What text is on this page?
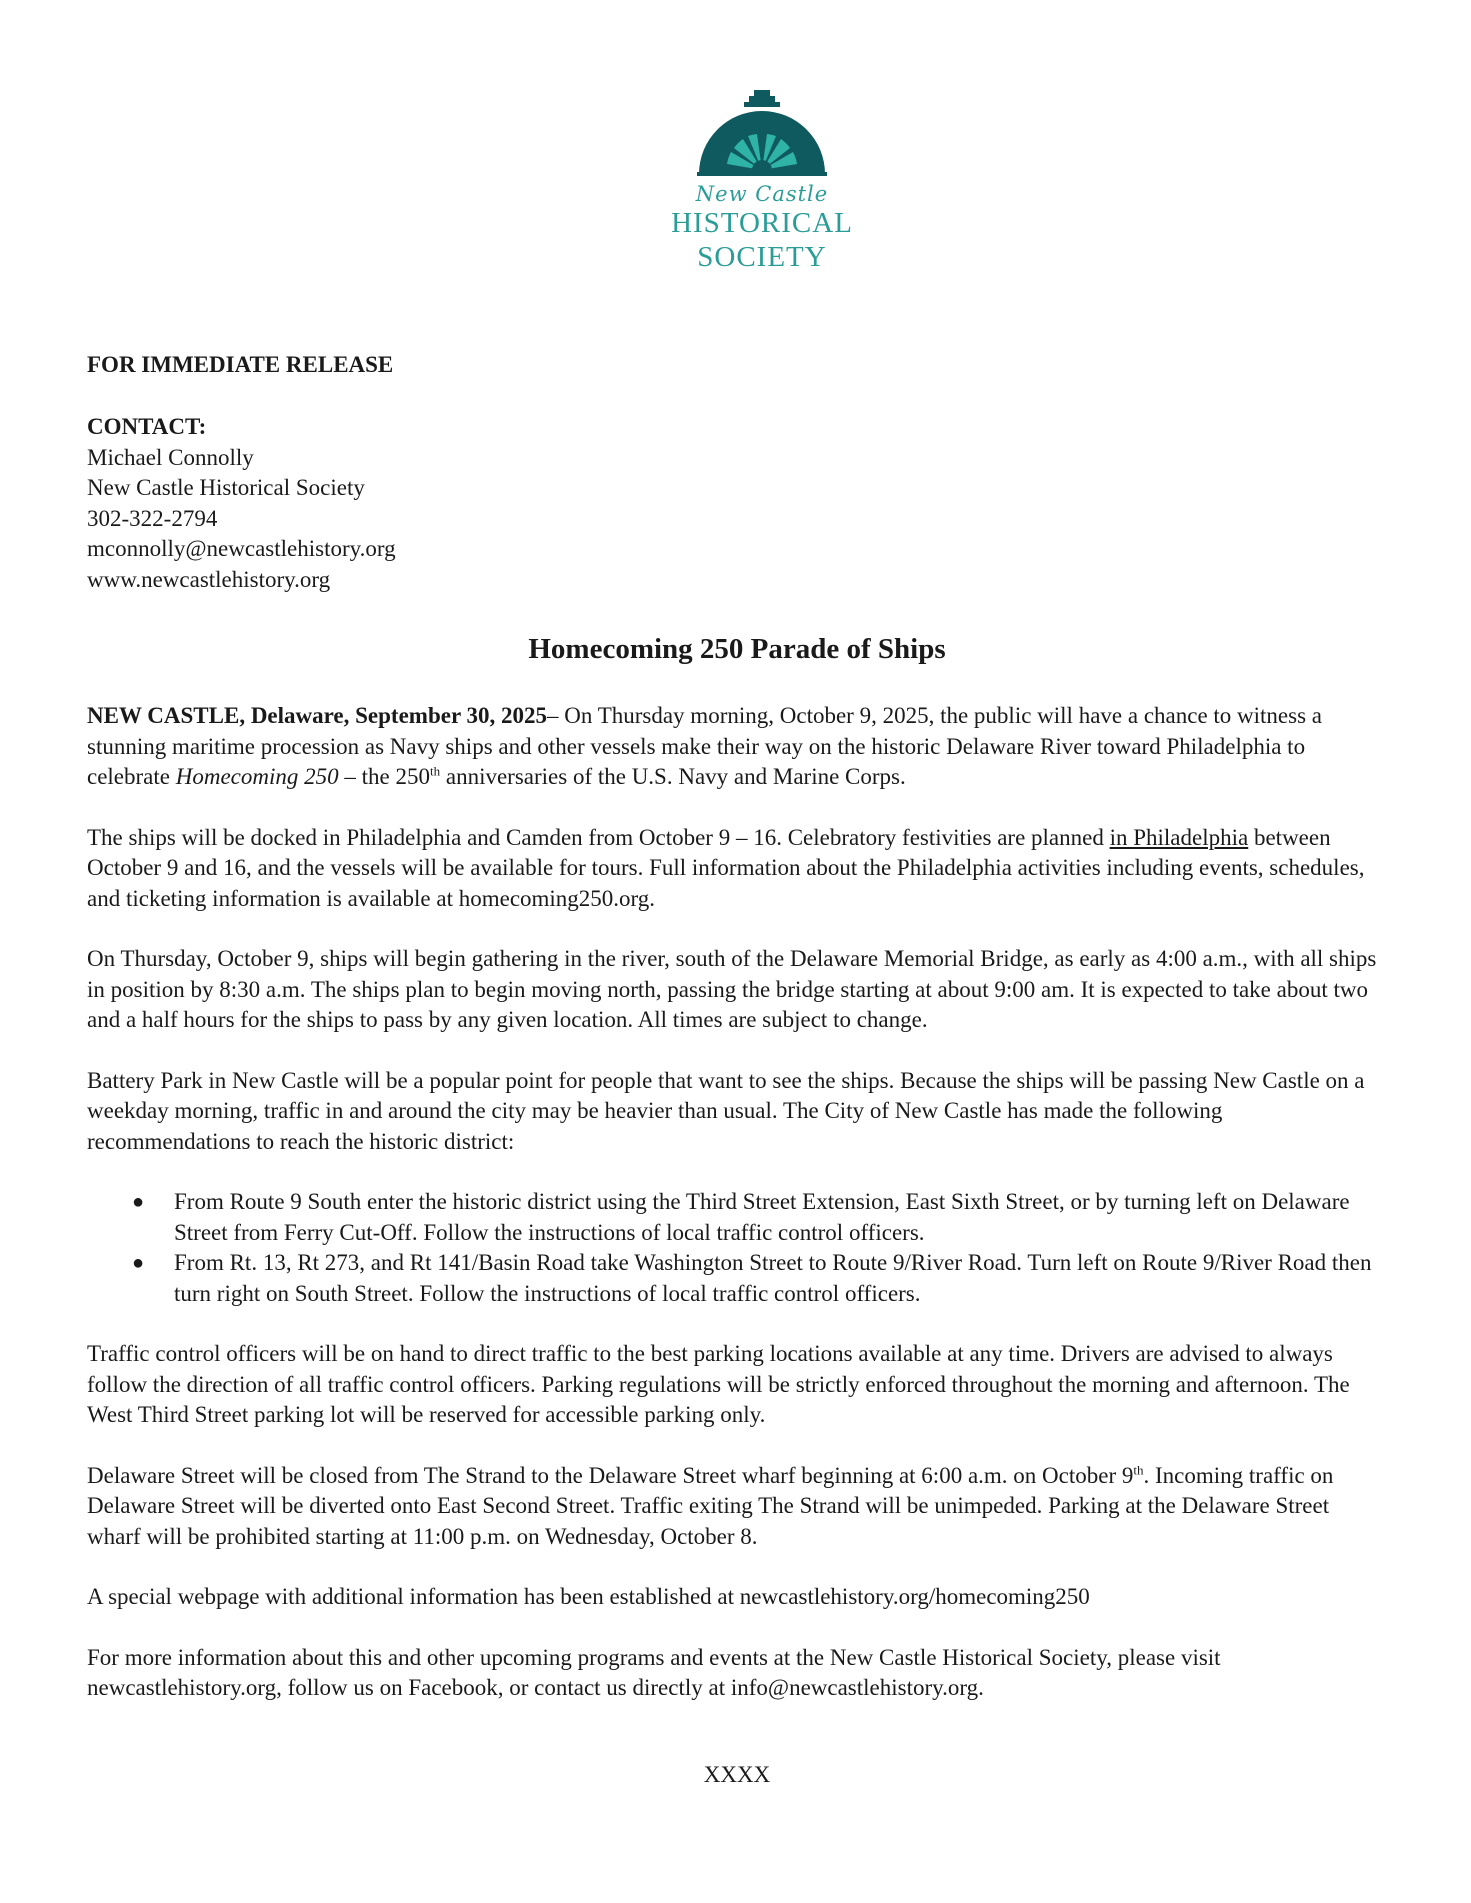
New Castle
HISTORICAL
SOCIETY
FOR IMMEDIATE RELEASE
CONTACT:
Michael Connolly
New Castle Historical Society
302-322-2794
mconnolly@newcastlehistory.org
www.newcastlehistory.org
Homecoming 250 Parade of Ships

NEW CASTLE, Delaware, September 30, 2025– On Thursday morning, October 9, 2025, the public will have a chance to witness a stunning maritime procession as Navy ships and other vessels make their way on the historic Delaware River toward Philadelphia to celebrate Homecoming 250 – the 250th anniversaries of the U.S. Navy and Marine Corps.

The ships will be docked in Philadelphia and Camden from October 9 – 16. Celebratory festivities are planned in Philadelphia between October 9 and 16, and the vessels will be available for tours. Full information about the Philadelphia activities including events, schedules, and ticketing information is available at homecoming250.org.

On Thursday, October 9, ships will begin gathering in the river, south of the Delaware Memorial Bridge, as early as 4:00 a.m., with all ships in position by 8:30 a.m. The ships plan to begin moving north, passing the bridge starting at about 9:00 am. It is expected to take about two and a half hours for the ships to pass by any given location. All times are subject to change.

Battery Park in New Castle will be a popular point for people that want to see the ships. Because the ships will be passing New Castle on a weekday morning, traffic in and around the city may be heavier than usual. The City of New Castle has made the following recommendations to reach the historic district:

● From Route 9 South enter the historic district using the Third Street Extension, East Sixth Street, or by turning left on Delaware Street from Ferry Cut-Off. Follow the instructions of local traffic control officers.
● From Rt. 13, Rt 273, and Rt 141/Basin Road take Washington Street to Route 9/River Road. Turn left on Route 9/River Road then turn right on South Street. Follow the instructions of local traffic control officers.

Traffic control officers will be on hand to direct traffic to the best parking locations available at any time. Drivers are advised to always follow the direction of all traffic control officers. Parking regulations will be strictly enforced throughout the morning and afternoon. The West Third Street parking lot will be reserved for accessible parking only.

Delaware Street will be closed from The Strand to the Delaware Street wharf beginning at 6:00 a.m. on October 9th. Incoming traffic on Delaware Street will be diverted onto East Second Street. Traffic exiting The Strand will be unimpeded. Parking at the Delaware Street wharf will be prohibited starting at 11:00 p.m. on Wednesday, October 8.

A special webpage with additional information has been established at newcastlehistory.org/homecoming250

For more information about this and other upcoming programs and events at the New Castle Historical Society, please visit newcastlehistory.org, follow us on Facebook, or contact us directly at info@newcastlehistory.org.

XXXX
